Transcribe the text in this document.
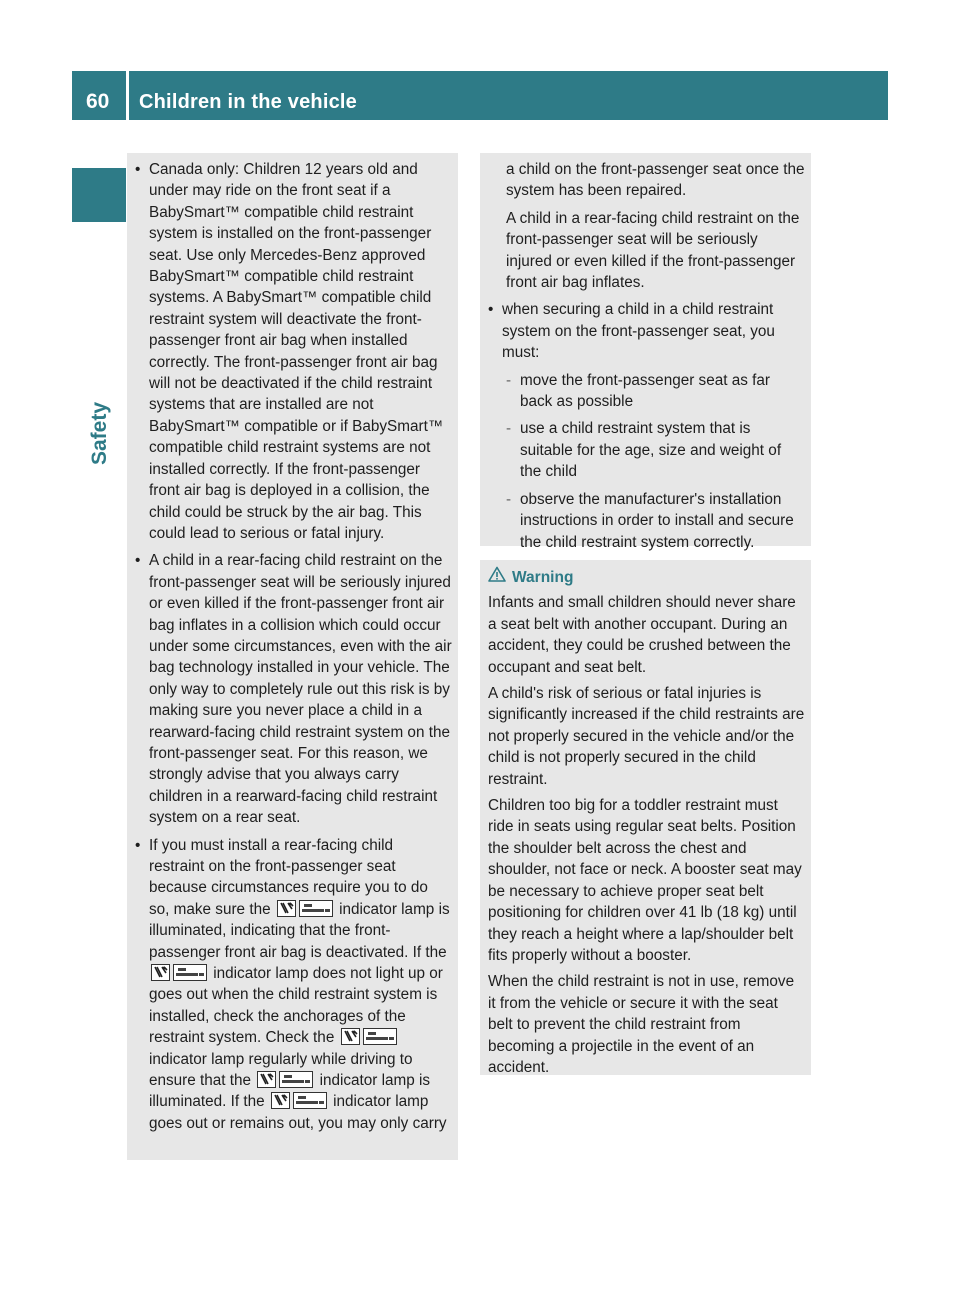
60	Children in the vehicle
Safety

• Canada only: Children 12 years old and under may ride on the front seat if a BabySmart™ compatible child restraint system is installed on the front-passenger seat. Use only Mercedes-Benz approved BabySmart™ compatible child restraint systems. A BabySmart™ compatible child restraint system will deactivate the front-passenger front air bag when installed correctly. The front-passenger front air bag will not be deactivated if the child restraint systems that are installed are not BabySmart™ compatible or if BabySmart™ compatible child restraint systems are not installed correctly. If the front-passenger front air bag is deployed in a collision, the child could be struck by the air bag. This could lead to serious or fatal injury.

• A child in a rear-facing child restraint on the front-passenger seat will be seriously injured or even killed if the front-passenger front air bag inflates in a collision which could occur under some circumstances, even with the air bag technology installed in your vehicle. The only way to completely rule out this risk is by making sure you never place a child in a rearward-facing child restraint system on the front-passenger seat. For this reason, we strongly advise that you always carry children in a rearward-facing child restraint system on a rear seat.

• If you must install a rear-facing child restraint on the front-passenger seat because circumstances require you to do so, make sure the	indicator lamp is illuminated, indicating that the front-passenger front air bag is deactivated. If the
indicator lamp does not light up or goes out when the child restraint system is installed, check the anchorages of the restraint system. Check the
indicator lamp regularly while driving to ensure that the	indicator lamp is illuminated. If the	indicator lamp goes out or remains out, you may only carry

a child on the front-passenger seat once the system has been repaired.

A child in a rear-facing child restraint on the front-passenger seat will be seriously injured or even killed if the front-passenger front air bag inflates.

• when securing a child in a child restraint system on the front-passenger seat, you must:

- move the front-passenger seat as far back as possible

- use a child restraint system that is suitable for the age, size and weight of the child

- observe the manufacturer's installation instructions in order to install and secure the child restraint system correctly.

Warning

Infants and small children should never share a seat belt with another occupant. During an accident, they could be crushed between the occupant and seat belt.

A child's risk of serious or fatal injuries is significantly increased if the child restraints are not properly secured in the vehicle and/or the child is not properly secured in the child restraint.

Children too big for a toddler restraint must ride in seats using regular seat belts. Position the shoulder belt across the chest and shoulder, not face or neck. A booster seat may be necessary to achieve proper seat belt positioning for children over 41 lb (18 kg) until they reach a height where a lap/shoulder belt fits properly without a booster.

When the child restraint is not in use, remove it from the vehicle or secure it with the seat belt to prevent the child restraint from becoming a projectile in the event of an accident.
